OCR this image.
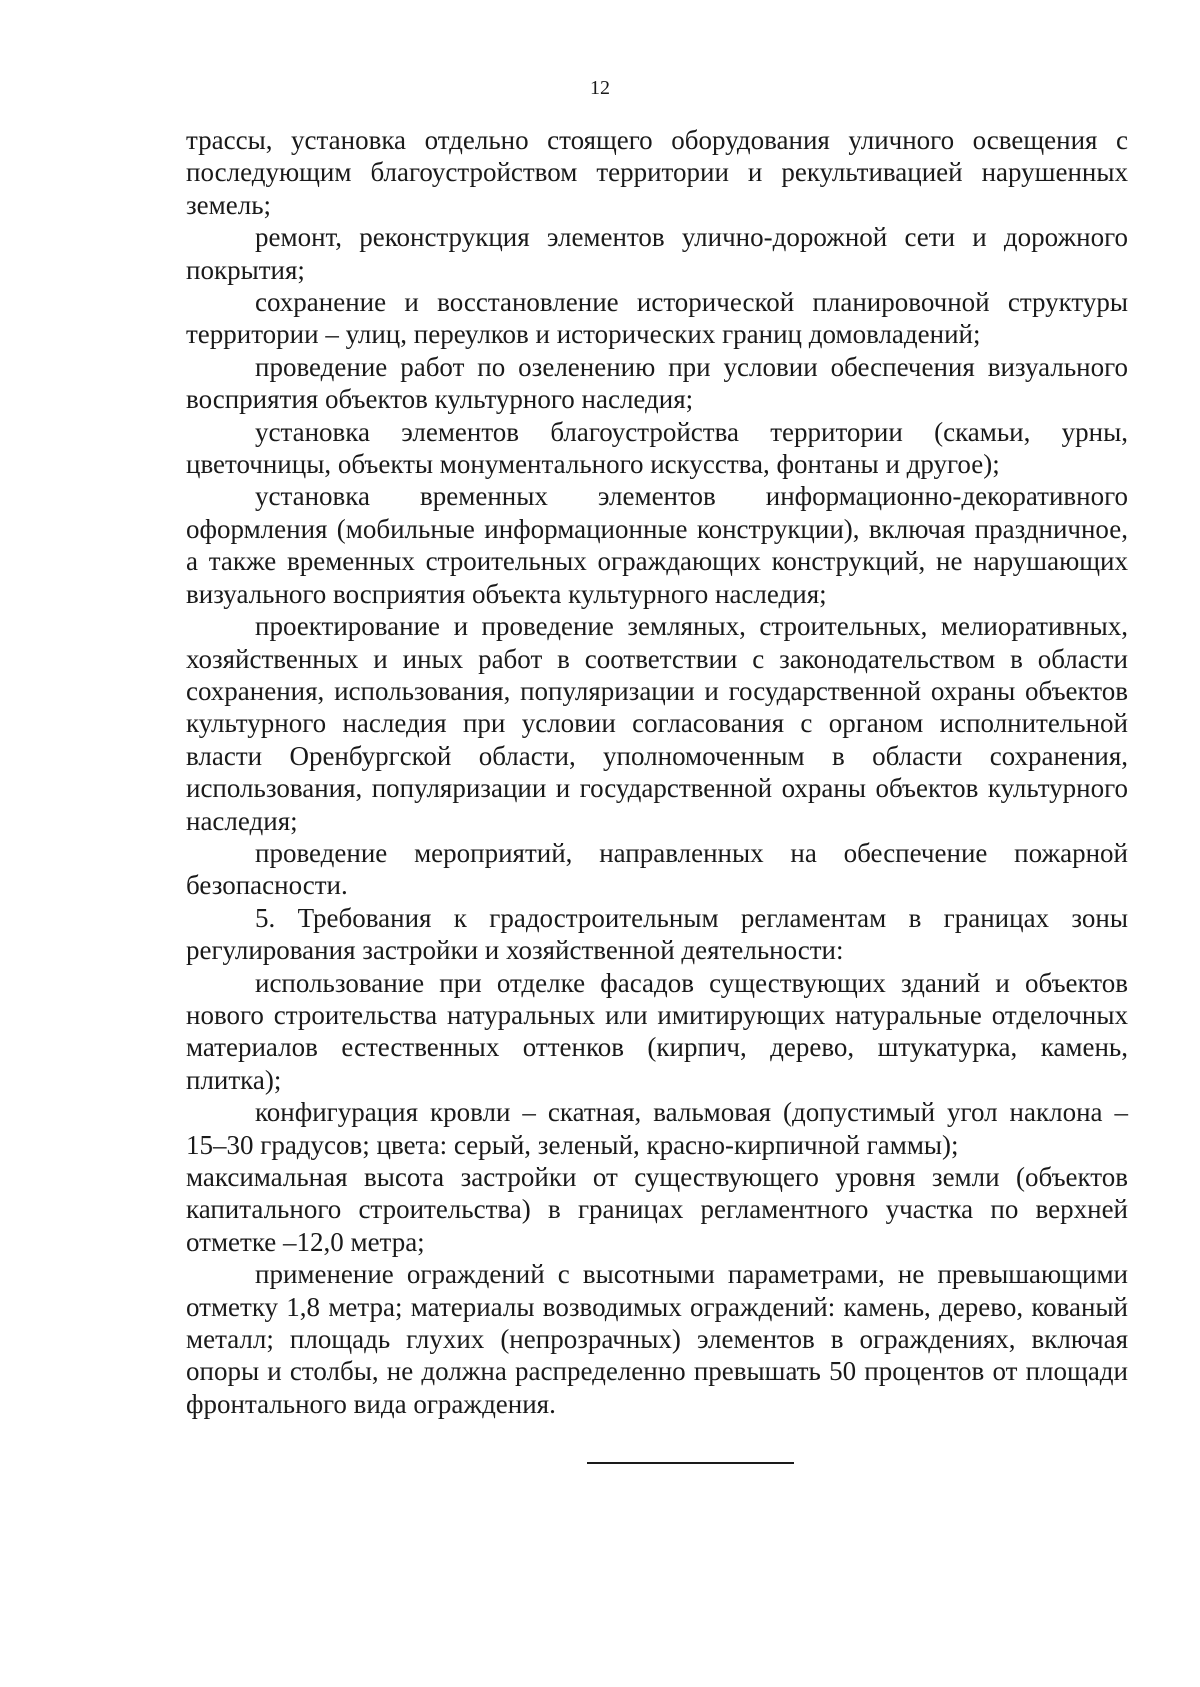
12

трассы, установка отдельно стоящего оборудования уличного освещения с последующим благоустройством территории и рекультивацией нарушенных земель;

ремонт, реконструкция элементов улично-дорожной сети и дорожного покрытия;

сохранение и восстановление исторической планировочной структуры территории – улиц, переулков и исторических границ домовладений;

проведение работ по озеленению при условии обеспечения визуального восприятия объектов культурного наследия;

установка элементов благоустройства территории (скамьи, урны, цветочницы, объекты монументального искусства, фонтаны и другое);

установка временных элементов информационно-декоративного оформления (мобильные информационные конструкции), включая праздничное, а также временных строительных ограждающих конструкций, не нарушающих визуального восприятия объекта культурного наследия;

проектирование и проведение земляных, строительных, мелиоративных, хозяйственных и иных работ в соответствии с законодательством в области сохранения, использования, популяризации и государственной охраны объектов культурного наследия при условии согласования с органом исполнительной власти Оренбургской области, уполномоченным в области сохранения, использования, популяризации и государственной охраны объектов культурного наследия;

проведение мероприятий, направленных на обеспечение пожарной безопасности.

5. Требования к градостроительным регламентам в границах зоны регулирования застройки и хозяйственной деятельности:

использование при отделке фасадов существующих зданий и объектов нового строительства натуральных или имитирующих натуральные отделочных материалов естественных оттенков (кирпич, дерево, штукатурка, камень, плитка);

конфигурация кровли – скатная, вальмовая (допустимый угол наклона – 15–30 градусов; цвета: серый, зеленый, красно-кирпичной гаммы);

максимальная высота застройки от существующего уровня земли (объектов капитального строительства) в границах регламентного участка по верхней отметке –12,0 метра;

применение ограждений с высотными параметрами, не превышающими отметку 1,8 метра; материалы возводимых ограждений: камень, дерево, кованый металл; площадь глухих (непрозрачных) элементов в ограждениях, включая опоры и столбы, не должна распределенно превышать 50 процентов от площади фронтального вида ограждения.
